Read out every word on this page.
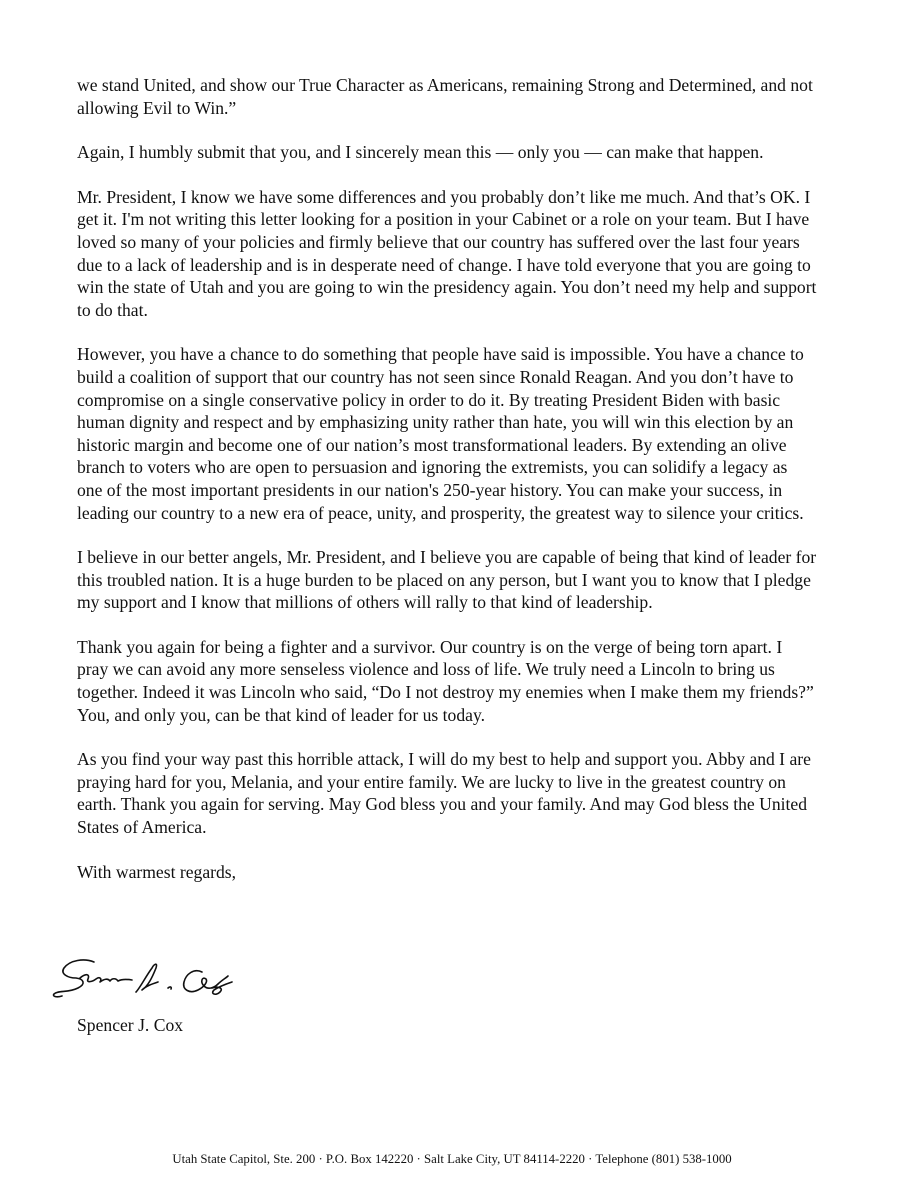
we stand United, and show our True Character as Americans, remaining Strong and Determined, and not allowing Evil to Win.”

Again, I humbly submit that you, and I sincerely mean this — only you — can make that happen.

Mr. President, I know we have some differences and you probably don’t like me much. And that’s OK. I get it. I'm not writing this letter looking for a position in your Cabinet or a role on your team. But I have loved so many of your policies and firmly believe that our country has suffered over the last four years due to a lack of leadership and is in desperate need of change. I have told everyone that you are going to win the state of Utah and you are going to win the presidency again. You don’t need my help and support to do that.

However, you have a chance to do something that people have said is impossible. You have a chance to build a coalition of support that our country has not seen since Ronald Reagan. And you don’t have to compromise on a single conservative policy in order to do it. By treating President Biden with basic human dignity and respect and by emphasizing unity rather than hate, you will win this election by an historic margin and become one of our nation’s most transformational leaders. By extending an olive branch to voters who are open to persuasion and ignoring the extremists, you can solidify a legacy as one of the most important presidents in our nation's 250-year history. You can make your success, in leading our country to a new era of peace, unity, and prosperity, the greatest way to silence your critics.

I believe in our better angels, Mr. President, and I believe you are capable of being that kind of leader for this troubled nation. It is a huge burden to be placed on any person, but I want you to know that I pledge my support and I know that millions of others will rally to that kind of leadership.

Thank you again for being a fighter and a survivor. Our country is on the verge of being torn apart. I pray we can avoid any more senseless violence and loss of life. We truly need a Lincoln to bring us together. Indeed it was Lincoln who said, “Do I not destroy my enemies when I make them my friends?” You, and only you, can be that kind of leader for us today.

As you find your way past this horrible attack, I will do my best to help and support you. Abby and I are praying hard for you, Melania, and your entire family. We are lucky to live in the greatest country on earth. Thank you again for serving. May God bless you and your family. And may God bless the United States of America.

With warmest regards,

Spencer J. Cox
Utah State Capitol, Ste. 200 · P.O. Box 142220 · Salt Lake City, UT 84114-2220 · Telephone (801) 538-1000
